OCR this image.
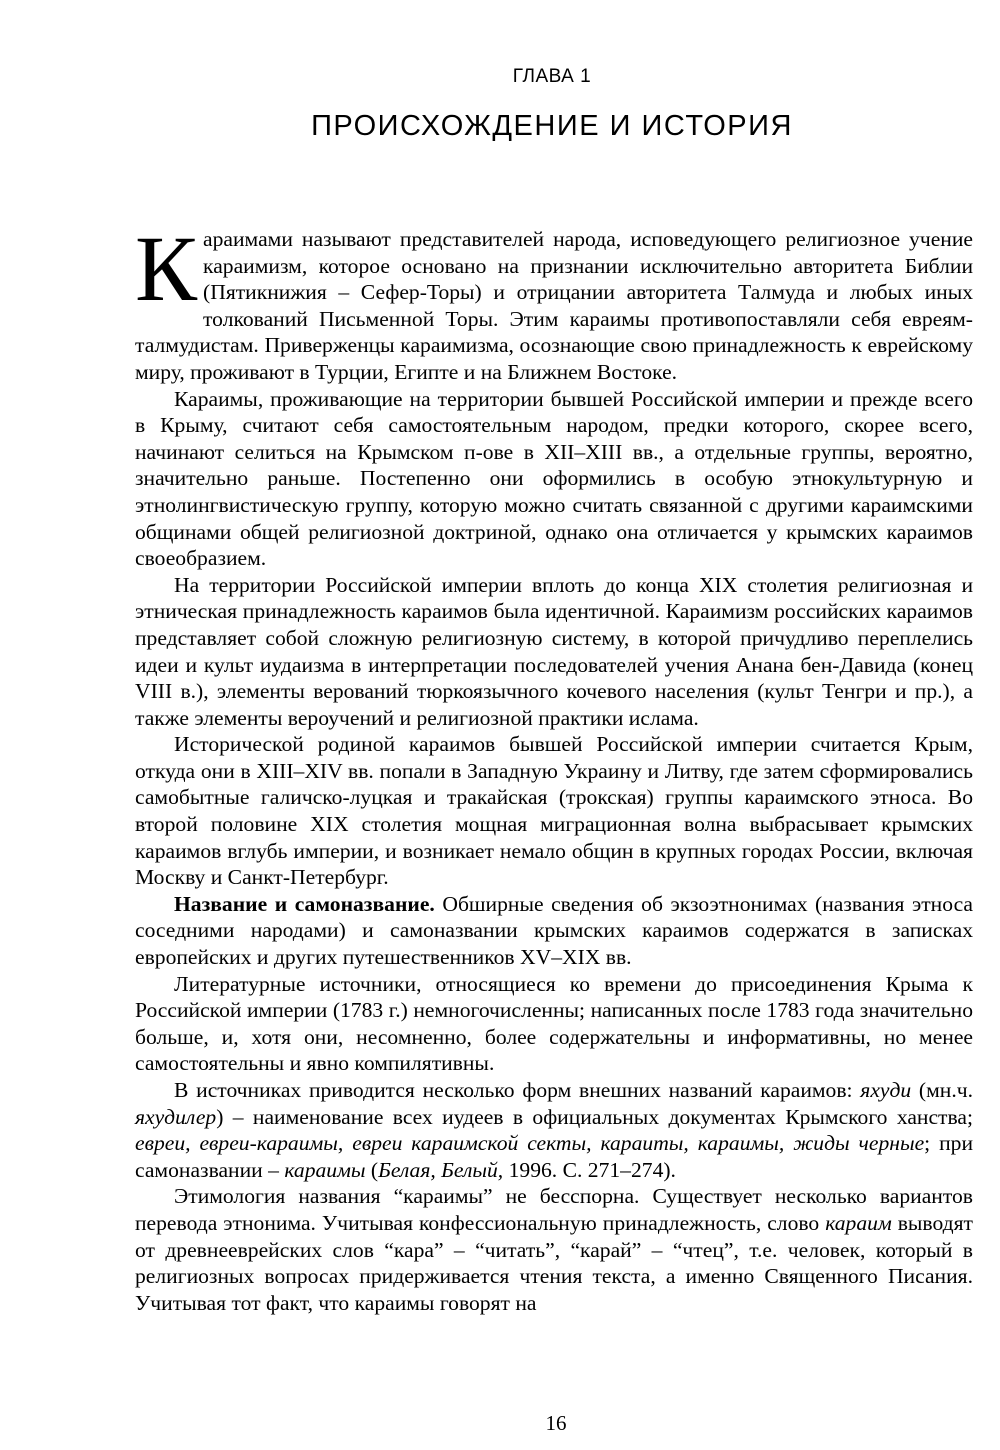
ГЛАВА 1
ПРОИСХОЖДЕНИЕ И ИСТОРИЯ

Караимами называют представителей народа, исповедующего религиозное учение караимизм, которое основано на признании исключительно авторитета Библии (Пятикнижия – Сефер-Торы) и отрицании авторитета Талмуда и любых иных толкований Письменной Торы. Этим караимы противопоставляли себя евреям-талмудистам. Приверженцы караимизма, осознающие свою принадлежность к еврейскому миру, проживают в Турции, Египте и на Ближнем Востоке.

Караимы, проживающие на территории бывшей Российской империи и прежде всего в Крыму, считают себя самостоятельным народом, предки которого, скорее всего, начинают селиться на Крымском п-ове в XII–XIII вв., а отдельные группы, вероятно, значительно раньше. Постепенно они оформились в особую этнокультурную и этнолингвистическую группу, которую можно считать связанной с другими караимскими общинами общей религиозной доктриной, однако она отличается у крымских караимов своеобразием.

На территории Российской империи вплоть до конца XIX столетия религиозная и этническая принадлежность караимов была идентичной. Караимизм российских караимов представляет собой сложную религиозную систему, в которой причудливо переплелись идеи и культ иудаизма в интерпретации последователей учения Анана бен-Давида (конец VIII в.), элементы верований тюркоязычного кочевого населения (культ Тенгри и пр.), а также элементы вероучений и религиозной практики ислама.

Исторической родиной караимов бывшей Российской империи считается Крым, откуда они в XIII–XIV вв. попали в Западную Украину и Литву, где затем сформировались самобытные галичско-луцкая и тракайская (трокская) группы караимского этноса. Во второй половине XIX столетия мощная миграционная волна выбрасывает крымских караимов вглубь империи, и возникает немало общин в крупных городах России, включая Москву и Санкт-Петербург.

Название и самоназвание. Обширные сведения об экзоэтнонимах (названия этноса соседними народами) и самоназвании крымских караимов содержатся в записках европейских и других путешественников XV–XIX вв.

Литературные источники, относящиеся ко времени до присоединения Крыма к Российской империи (1783 г.) немногочисленны; написанных после 1783 года значительно больше, и, хотя они, несомненно, более содержательны и информативны, но менее самостоятельны и явно компилятивны.

В источниках приводится несколько форм внешних названий караимов: яхуди (мн.ч. яхудилер) – наименование всех иудеев в официальных документах Крымского ханства; евреи, евреи-караимы, евреи караимской секты, караиты, караимы, жиды черные; при самоназвании – караимы (Белая, Белый, 1996. С. 271–274).

Этимология названия “караимы” не бесспорна. Существует несколько вариантов перевода этнонима. Учитывая конфессиональную принадлежность, слово караим выводят от древнееврейских слов “кара” – “читать”, “карай” – “чтец”, т.е. человек, который в религиозных вопросах придерживается чтения текста, а именно Священного Писания. Учитывая тот факт, что караимы говорят на

16
